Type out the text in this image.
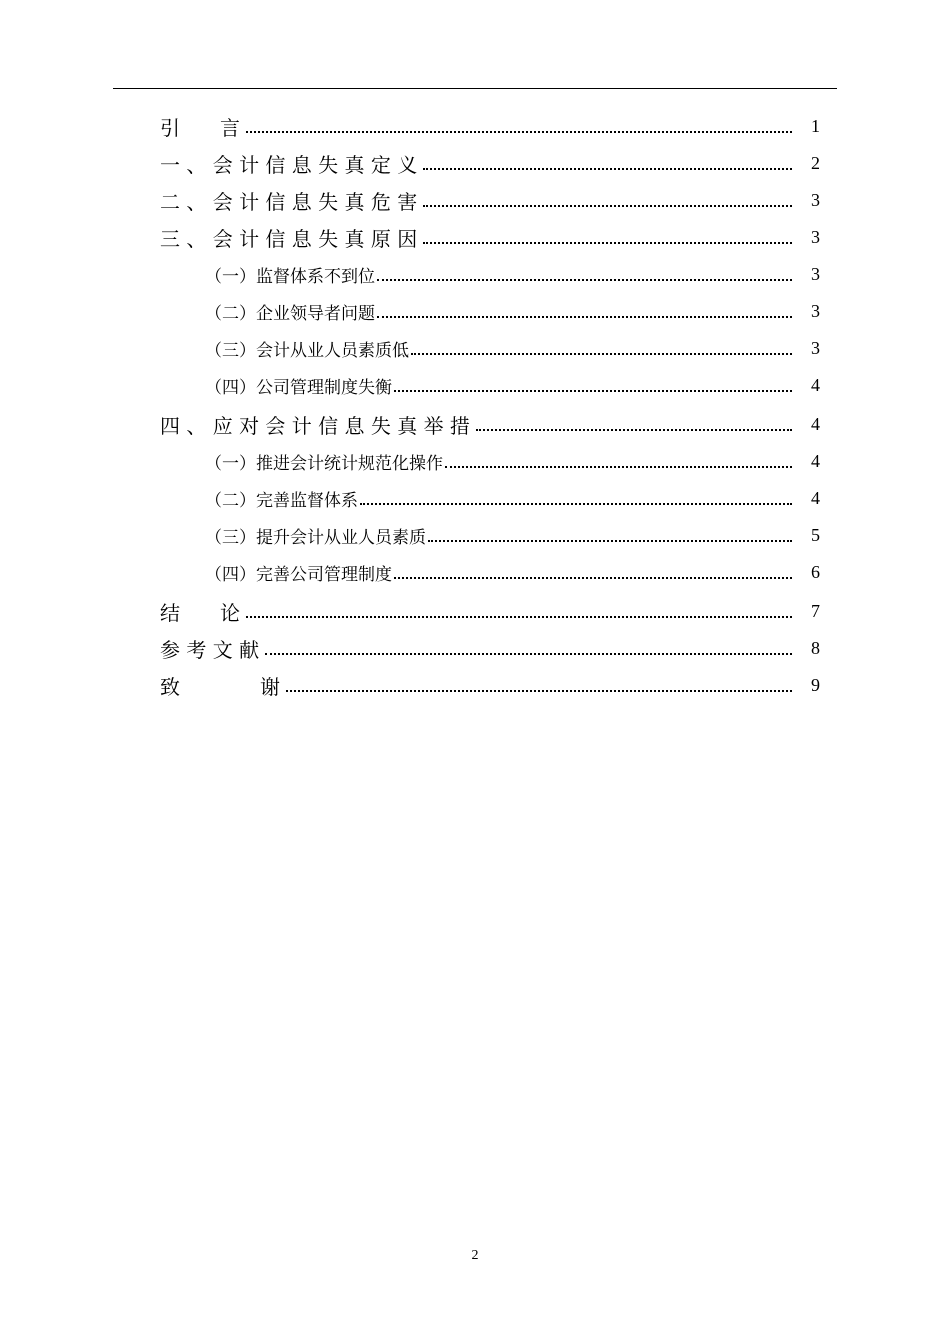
引　　言	1
一 、 会 计 信 息 失 真 定 义	2
二 、 会 计 信 息 失 真 危 害	3
三 、 会 计 信 息 失 真 原 因	3
（一）监督体系不到位	3
（二）企业领导者问题	3
（三）会计从业人员素质低	3
（四）公司管理制度失衡	4
四 、 应 对 会 计 信 息 失 真 举 措	4
（一）推进会计统计规范化操作	4
（二）完善监督体系	4
（三）提升会计从业人员素质	5
（四）完善公司管理制度	6
结　　论	7
参 考 文 献	8
致　　　　谢	9
2
